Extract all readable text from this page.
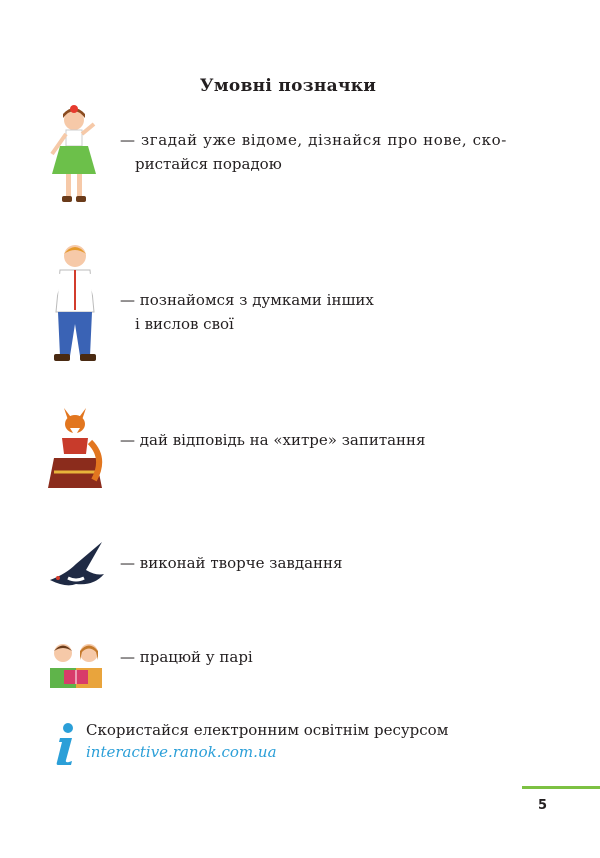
Умовні позначки
— згадай уже відоме, дізнайся про нове, ско-
ристайся порадою
— познайомся з думками інших
і вислов свої
— дай відповідь на «хитре» запитання
— виконай творче завдання
— працюй у парі
Скористайся електронним освітнім ресурсом
interactive.ranok.com.ua
5
